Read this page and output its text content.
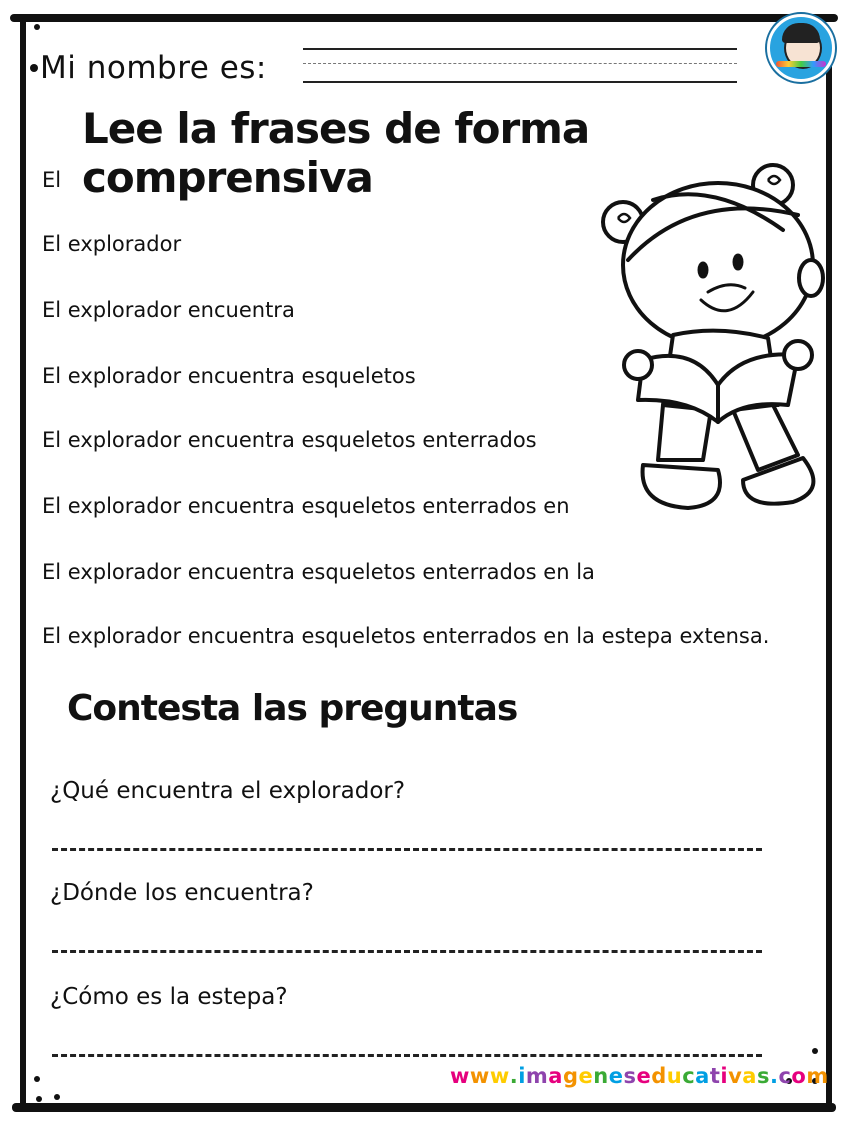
Mi nombre es:
Lee la frases de forma comprensiva
El
El explorador
El explorador encuentra
El explorador encuentra esqueletos
El explorador encuentra esqueletos enterrados
El explorador encuentra esqueletos enterrados en
El explorador encuentra esqueletos enterrados en la
El explorador encuentra esqueletos enterrados en la estepa extensa.
Contesta las preguntas
¿Qué encuentra el explorador?
¿Dónde los encuentra?
¿Cómo es la estepa?
www.imageneseducativas.com
